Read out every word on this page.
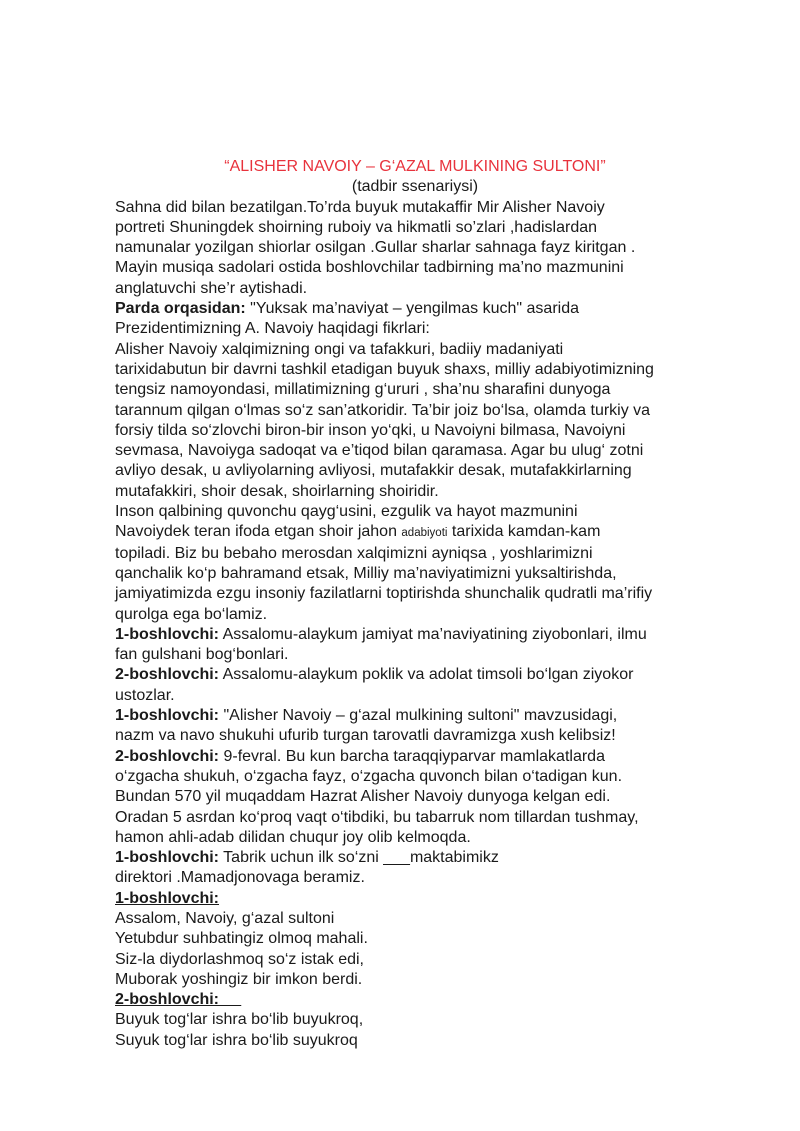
“ALISHER NAVOIY – G‘AZAL MULKINING SULTONI”
(tadbir ssenariysi)
Sahna did bilan bezatilgan.To’rda buyuk mutakaffir Mir Alisher Navoiy
portreti Shuningdek shoirning ruboiy va hikmatli so’zlari ,hadislardan
namunalar yozilgan shiorlar osilgan .Gullar sharlar sahnaga fayz kiritgan .
Mayin musiqa sadolari ostida boshlovchilar tadbirning ma’no mazmunini
anglatuvchi she’r aytishadi.
Parda orqasidan: "Yuksak ma’naviyat – yengilmas kuch" asarida
Prezidentimizning A. Navoiy haqidagi fikrlari:
Alisher Navoiy xalqimizning ongi va tafakkuri, badiiy madaniyati
tarixidabutun bir davrni tashkil etadigan buyuk shaxs, milliy adabiyotimizning
tengsiz namoyondasi, millatimizning g‘ururi , sha’nu sharafini dunyoga
tarannum qilgan o‘lmas so‘z san’atkoridir. Ta’bir joiz bo‘lsa, olamda turkiy va
forsiy tilda so‘zlovchi biron-bir inson yo‘qki, u Navoiyni bilmasa, Navoiyni
sevmasa, Navoiyga sadoqat va e’tiqod bilan qaramasa. Agar bu ulug‘ zotni
avliyo desak, u avliyolarning avliyosi, mutafakkir desak, mutafakkirlarning
mutafakkiri, shoir desak, shoirlarning shoiridir.
Inson qalbining quvonchu qayg‘usini, ezgulik va hayot mazmunini
Navoiydek teran ifoda etgan shoir jahon adabiyoti tarixida kamdan-kam
topiladi. Biz bu bebaho merosdan xalqimizni ayniqsa , yoshlarimizni
qanchalik ko‘p bahramand etsak, Milliy ma’naviyatimizni yuksaltirishda,
jamiyatimizda ezgu insoniy fazilatlarni toptirishda shunchalik qudratli ma’rifiy
qurolga ega bo‘lamiz.
1-boshlovchi: Assalomu-alaykum jamiyat ma’naviyatining ziyobonlari, ilmu
fan gulshani bog‘bonlari.
2-boshlovchi: Assalomu-alaykum poklik va adolat timsoli bo‘lgan ziyokor
ustozlar.
1-boshlovchi: "Alisher Navoiy – g‘azal mulkining sultoni" mavzusidagi,
nazm va navo shukuhi ufurib turgan tarovatli davramizga xush kelibsiz!
2-boshlovchi: 9-fevral. Bu kun barcha taraqqiyparvar mamlakatlarda
o‘zgacha shukuh, o‘zgacha fayz, o‘zgacha quvonch bilan o‘tadigan kun.
Bundan 570 yil muqaddam Hazrat Alisher Navoiy dunyoga kelgan edi.
Oradan 5 asrdan ko‘proq vaqt o‘tibdiki, bu tabarruk nom tillardan tushmay,
hamon ahli-adab dilidan chuqur joy olib kelmoqda.
1-boshlovchi: Tabrik uchun ilk so‘zni ___maktabimikz
direktori .Mamadjonovaga beramiz.
1-boshlovchi:
Assalom, Navoiy, g‘azal sultoni
Yetubdur suhbatingiz olmoq mahali.
Siz-la diydorlashmoq so‘z istak edi,
Muborak yoshingiz bir imkon berdi.
2-boshlovchi:
Buyuk tog‘lar ishra bo‘lib buyukroq,
Suyuk tog‘lar ishra bo‘lib suyukroq
